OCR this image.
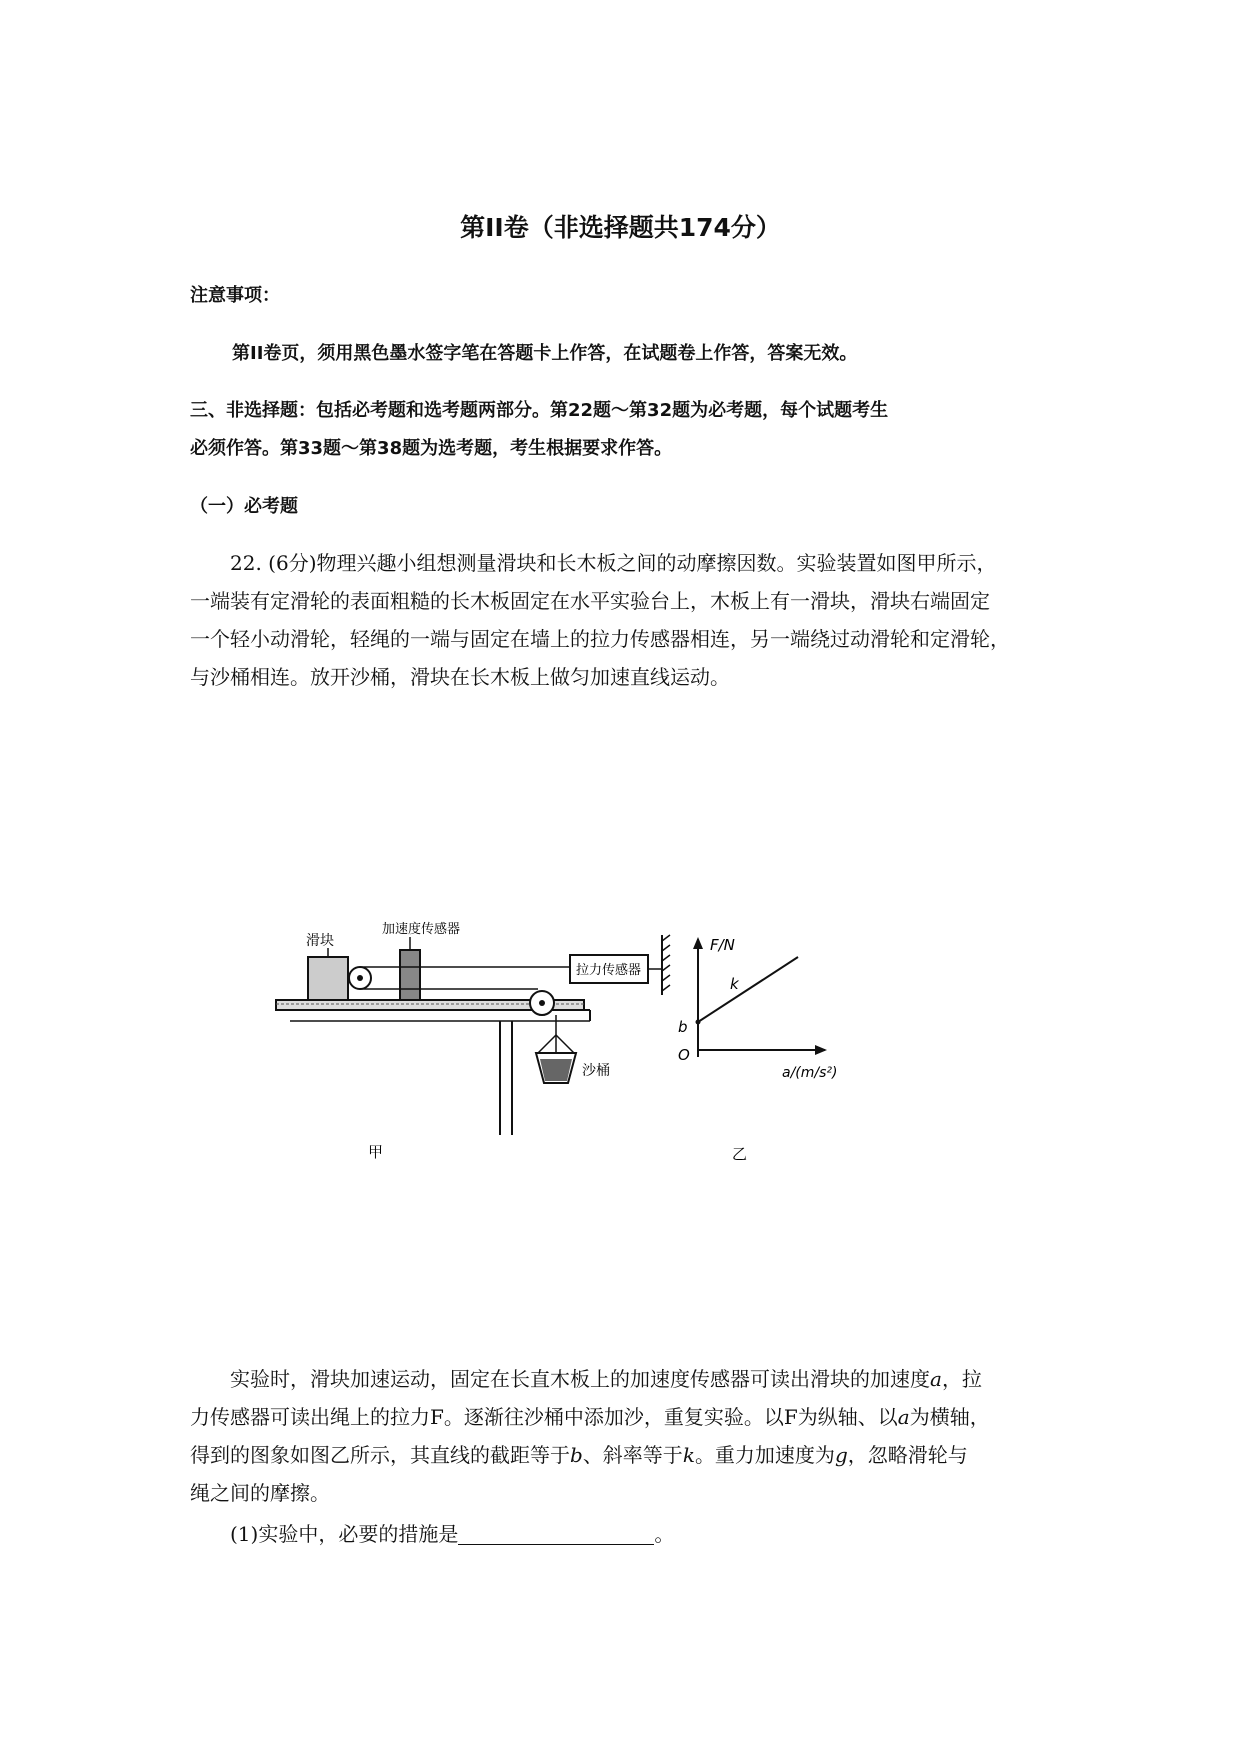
第II卷（非选择题共174分）
注意事项：
第II卷页，须用黑色墨水签字笔在答题卡上作答，在试题卷上作答，答案无效。
三、非选择题：包括必考题和选考题两部分。第22题～第32题为必考题，每个试题考生
必须作答。第33题～第38题为选考题，考生根据要求作答。
（一）必考题
22. (6分)物理兴趣小组想测量滑块和长木板之间的动摩擦因数。实验装置如图甲所示，
一端装有定滑轮的表面粗糙的长木板固定在水平实验台上，木板上有一滑块，滑块右端固定
一个轻小动滑轮，轻绳的一端与固定在墙上的拉力传感器相连，另一端绕过动滑轮和定滑轮，
与沙桶相连。放开沙桶，滑块在长木板上做匀加速直线运动。
滑块
加速度传感器
拉力传感器
沙桶
甲
F/N
k
b
O
a/(m/s²)
乙
实验时，滑块加速运动，固定在长直木板上的加速度传感器可读出滑块的加速度a，拉
力传感器可读出绳上的拉力F。逐渐往沙桶中添加沙，重复实验。以F为纵轴、以a为横轴，
得到的图象如图乙所示，其直线的截距等于b、斜率等于k。重力加速度为g，忽略滑轮与
绳之间的摩擦。
(1)实验中，必要的措施是	。
